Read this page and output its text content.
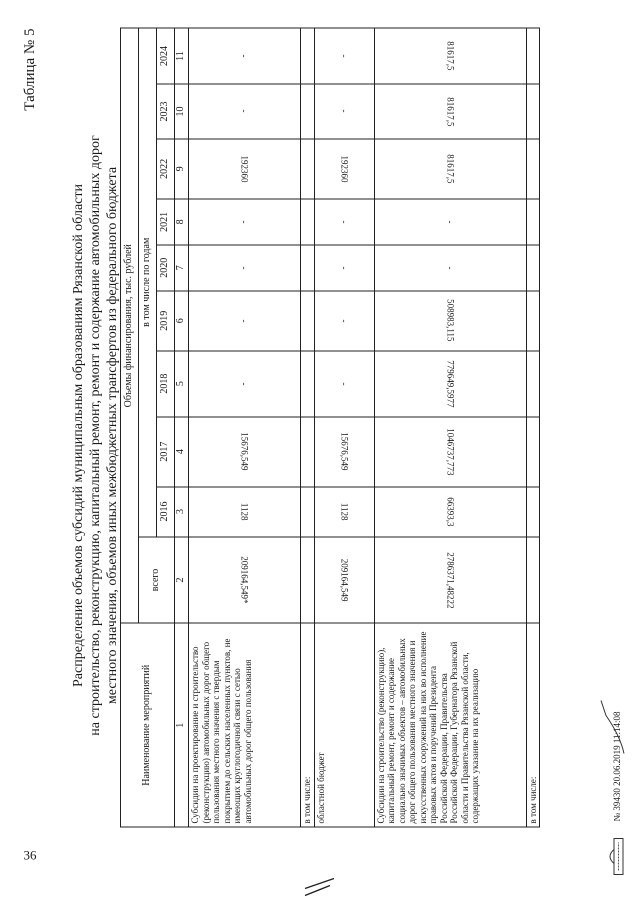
36
Таблица № 5
Распределение объемов субсидий муниципальным образованиям Рязанской области на строительство, реконструкцию, капитальный ремонт, ремонт и содержание автомобильных дорог местного значения, объемов иных межбюджетных трансфертов из федерального бюджета
Наименование мероприятий	Объемы финансирования, тыс. рублей									
	всего	в том числе по годам								
		2016	2017	2018	2019	2020	2021	2022	2023	2024
1	2	3	4	5	6	7	8	9	10	11
Субсидии на проектирование и строительство (реконструкцию) автомобильных дорог общего пользования местного значения с твердым покрытием до сельских населенных пунктов, не имеющих круглогодичной связи с сетью автомобильных дорог общего пользования	209164,549*	1128	15676,549	-	-	-	-	192360	-	-
в том числе:										
областной бюджет	209164,549	1128	15676,549	-	-	-	-	192360	-	-
Субсидии на строительство (реконструкцию), капитальный ремонт, ремонт и содержание социально значимых объектов – автомобильных дорог общего пользования местного значения и искусственных сооружений на них во исполнение правовых актов и поручений Президента Российской Федерации, Правительства Российской Федерации, Губернатора Рязанской области и Правительства Рязанской области, содержащих указание на их реализацию	2786371,48222	66393,3	1046737,773	779649,5977	508983,115	-	-	81617,5	81617,5	81617,5
в том числе:											№ 39430 20.06.2019 11:14:08
